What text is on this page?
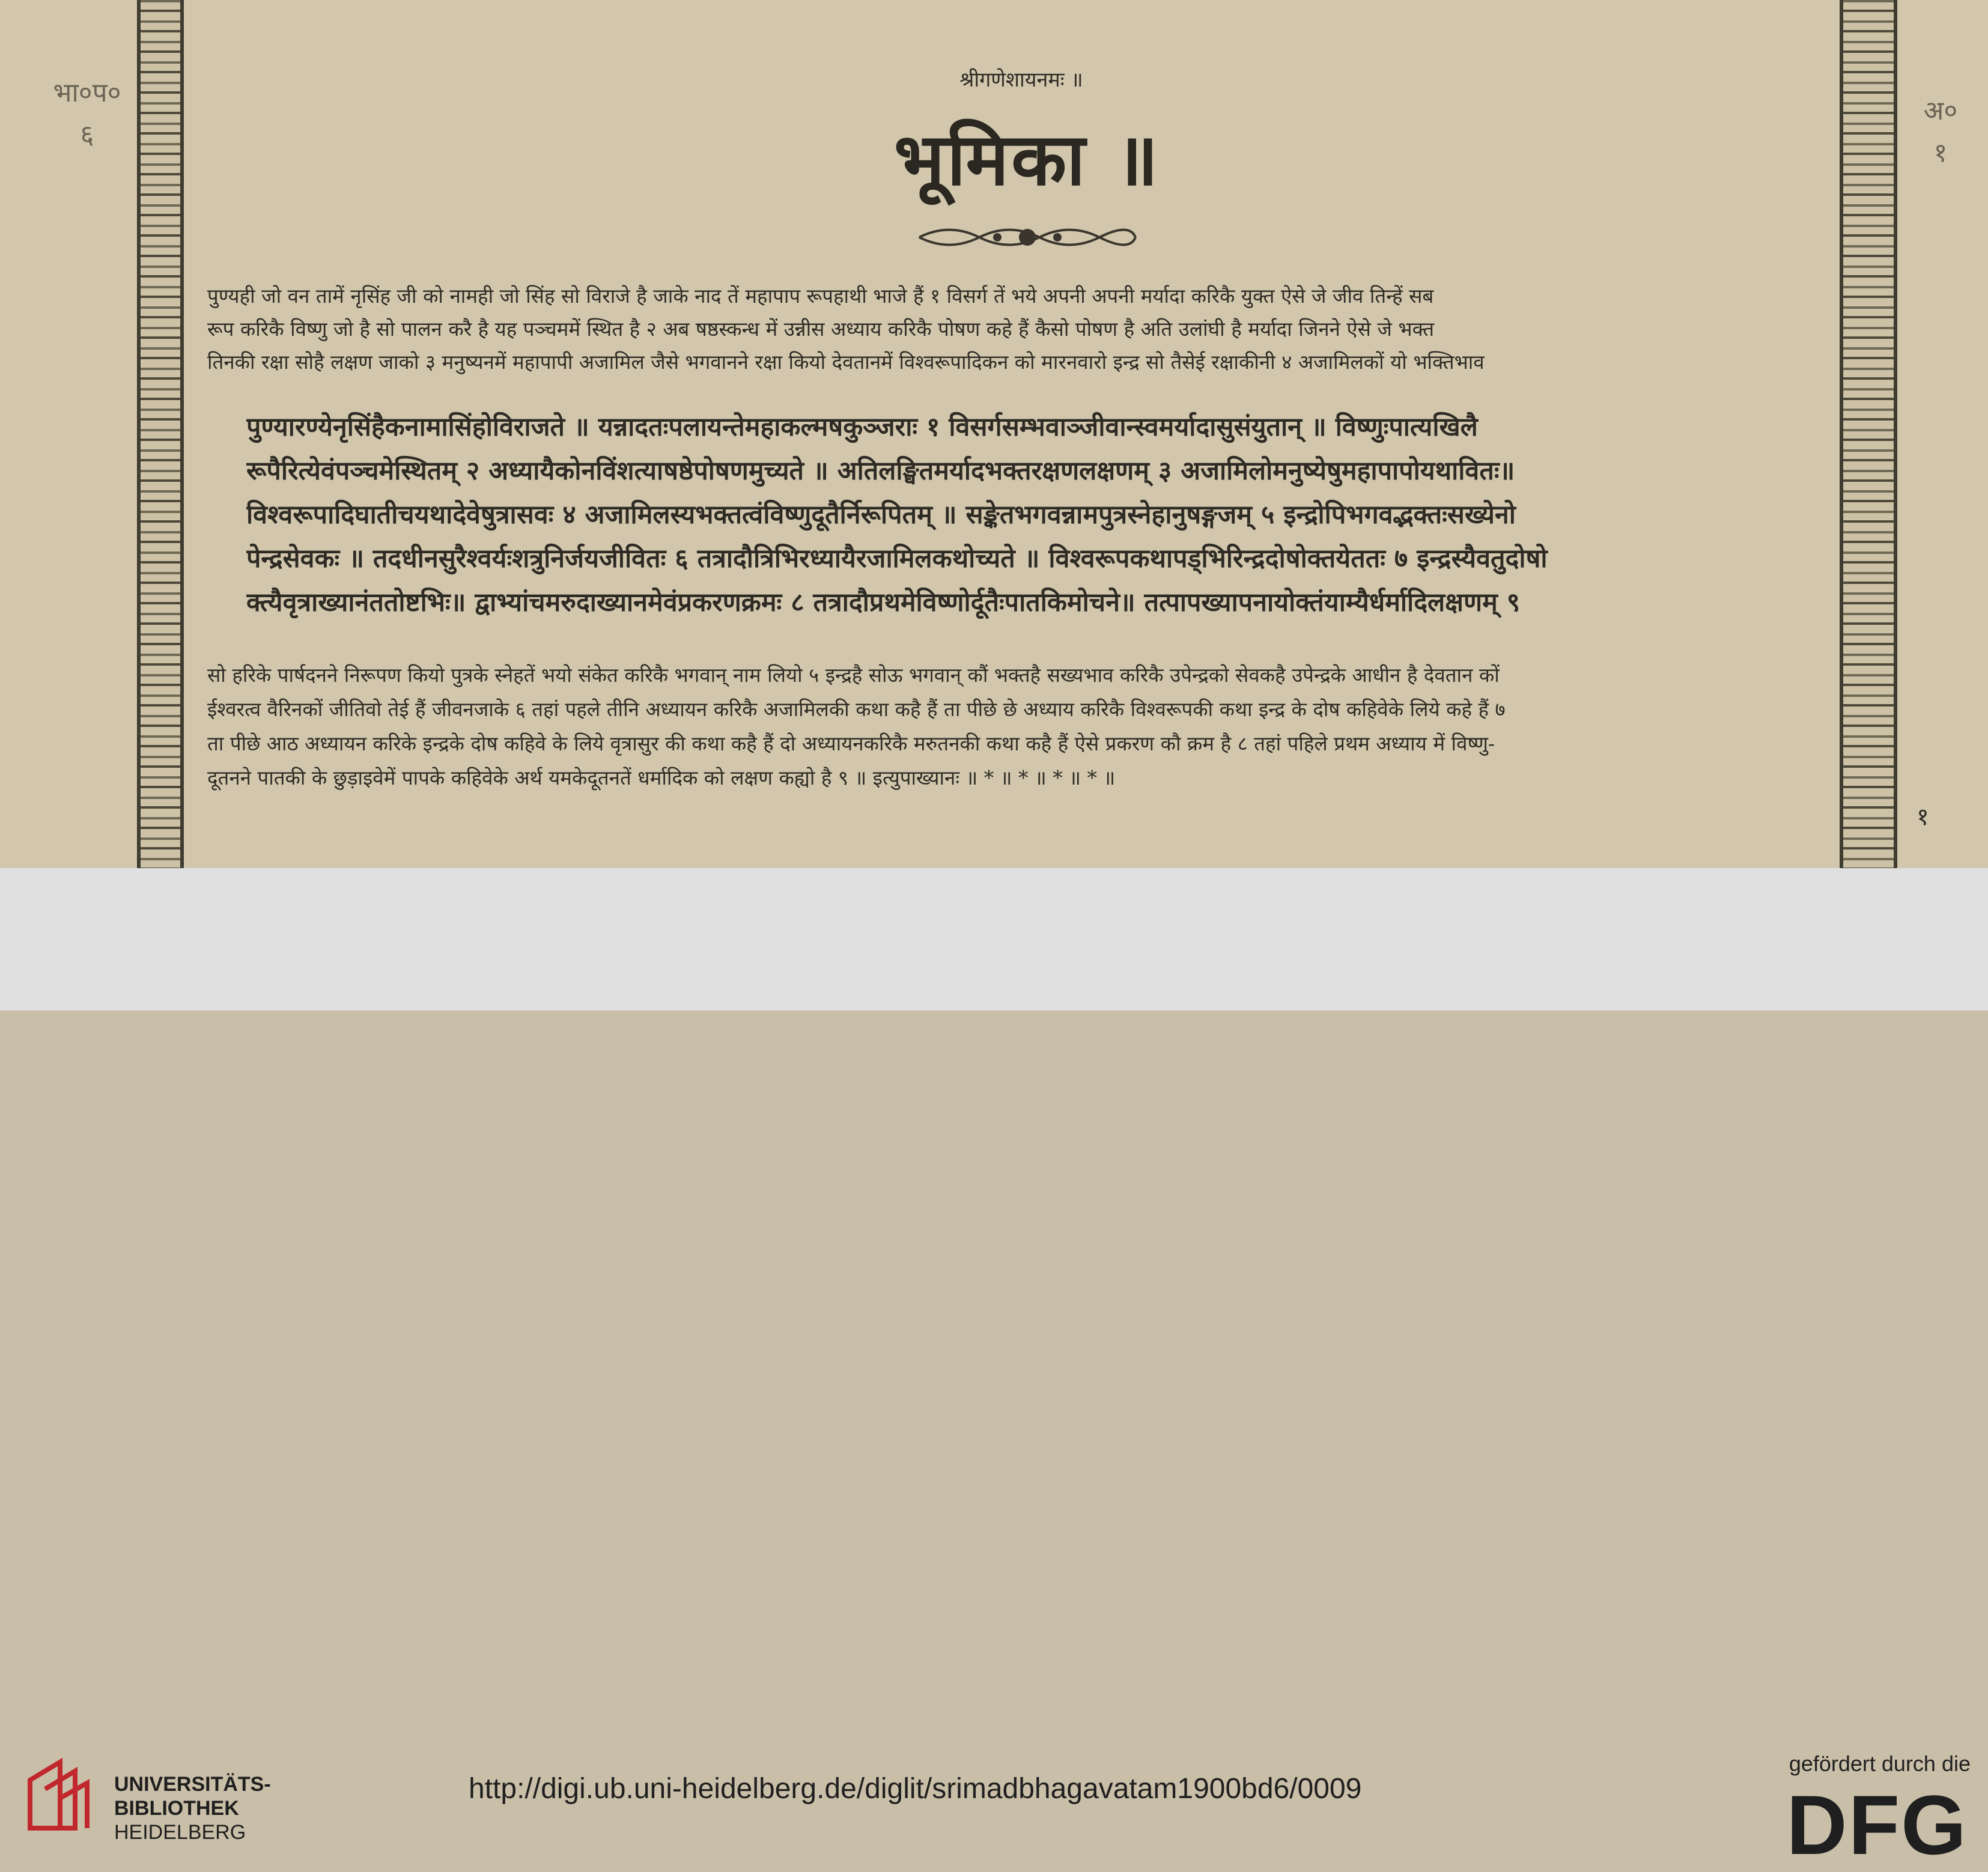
भा०प०
६
अ०
१
श्रीगणेशायनमः ॥
भूमिका ॥
पुण्यही जो वन तामें नृसिंह जी को नामही जो सिंह सो विराजे है जाके नाद तें महापाप रूपहाथी भाजे हैं १ विसर्ग तें भये अपनी अपनी मर्यादा करिकै युक्त ऐसे जे जीव तिन्हें सब
रूप करिकै विष्णु जो है सो पालन करै है यह पञ्चममें स्थित है २ अब षष्ठस्कन्ध में उन्नीस अध्याय करिकै पोषण कहे हैं कैसो पोषण है अति उलांघी है मर्यादा जिनने ऐसे जे भक्त
तिनकी रक्षा सोहै लक्षण जाको ३ मनुष्यनमें महापापी अजामिल जैसे भगवानने रक्षा कियो देवतानमें विश्वरूपादिकन को मारनवारो इन्द्र सो तैसेई रक्षाकीनी ४ अजामिलकों यो भक्तिभाव
पुण्यारण्येनृसिंहैकनामासिंहोविराजते ॥ यन्नादतःपलायन्तेमहाकल्मषकुञ्जराः १ विसर्गसम्भवाञ्जीवान्स्वमर्यादासुसंयुतान् ॥ विष्णुःपात्यखिलै
रूपैरित्येवंपञ्चमेस्थितम् २ अध्यायैकोनविंशत्याषष्ठेपोषणमुच्यते ॥ अतिलङ्घितमर्यादभक्तरक्षणलक्षणम् ३ अजामिलोमनुष्येषुमहापापोयथावितः॥
विश्वरूपादिघातीचयथादेवेषुत्रासवः ४ अजामिलस्यभक्तत्वंविष्णुदूतैर्निरूपितम् ॥ सङ्केतभगवन्नामपुत्रस्नेहानुषङ्गजम् ५ इन्द्रोपिभगवद्भक्तःसख्येनो
पेन्द्रसेवकः ॥ तदधीनसुरैश्वर्यःशत्रुनिर्जयजीवितः ६ तत्रादौत्रिभिरध्यायैरजामिलकथोच्यते ॥ विश्वरूपकथापड्भिरिन्द्रदोषोक्तयेततः ७ इन्द्रस्यैवतुदोषो
क्त्यैवृत्राख्यानंततोष्टभिः॥ द्वाभ्यांचमरुदाख्यानमेवंप्रकरणक्रमः ८ तत्रादौप्रथमेविष्णोर्दूतैःपातकिमोचने॥ तत्पापख्यापनायोक्तंयाम्यैर्धर्मादिलक्षणम् ९
सो हरिके पार्षदनने निरूपण कियो पुत्रके स्नेहतें भयो संकेत करिकै भगवान् नाम लियो ५ इन्द्रहै सोऊ भगवान् कौं भक्तहै सख्यभाव करिकै उपेन्द्रको सेवकहै उपेन्द्रके आधीन है देवतान कों
ईश्वरत्व वैरिनकों जीतिवो तेई हैं जीवनजाके ६ तहां पहले तीनि अध्यायन करिकै अजामिलकी कथा कहै हैं ता पीछे छे अध्याय करिकै विश्वरूपकी कथा इन्द्र के दोष कहिवेके लिये कहे हैं ७
ता पीछे आठ अध्यायन करिके इन्द्रके दोष कहिवे के लिये वृत्रासुर की कथा कहै हैं दो अध्यायनकरिकै मरुतनकी कथा कहै हैं ऐसे प्रकरण कौ क्रम है ८ तहां पहिले प्रथम अध्याय में विष्णु-
दूतनने पातकी के छुड़ाइवेमें पापके कहिवेके अर्थ यमकेदूतनतें धर्मादिक को लक्षण कह्यो है ९ ॥ इत्युपाख्यानः ॥ * ॥ * ॥ * ॥ * ॥
१
UNIVERSITÄTS-
BIBLIOTHEK
HEIDELBERG
http://digi.ub.uni-heidelberg.de/diglit/srimadbhagavatam1900bd6/0009
gefördert durch die
DFG
